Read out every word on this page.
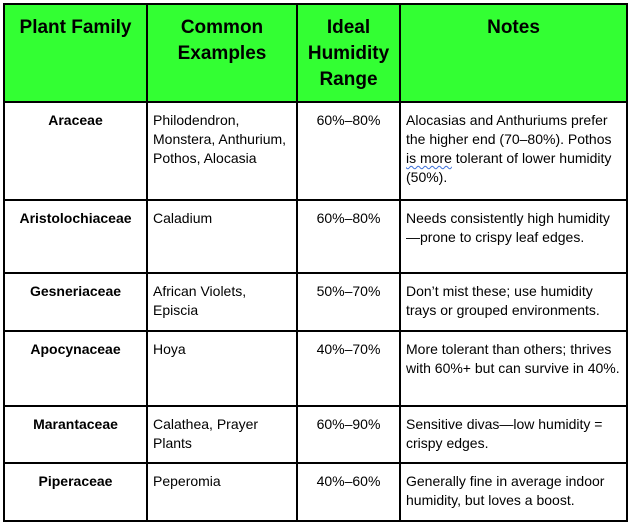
Plant Family	Common Examples	Ideal Humidity Range	Notes
Araceae	Philodendron, Monstera, Anthurium, Pothos, Alocasia	60%–80%	Alocasias and Anthuriums prefer the higher end (70–80%). Pothos is more tolerant of lower humidity (50%).
Aristolochiaceae	Caladium	60%–80%	Needs consistently high humidity—prone to crispy leaf edges.
Gesneriaceae	African Violets, Episcia	50%–70%	Don’t mist these; use humidity trays or grouped environments.
Apocynaceae	Hoya	40%–70%	More tolerant than others; thrives with 60%+ but can survive in 40%.
Marantaceae	Calathea, Prayer Plants	60%–90%	Sensitive divas—low humidity = crispy edges.
Piperaceae	Peperomia	40%–60%	Generally fine in average indoor humidity, but loves a boost.
